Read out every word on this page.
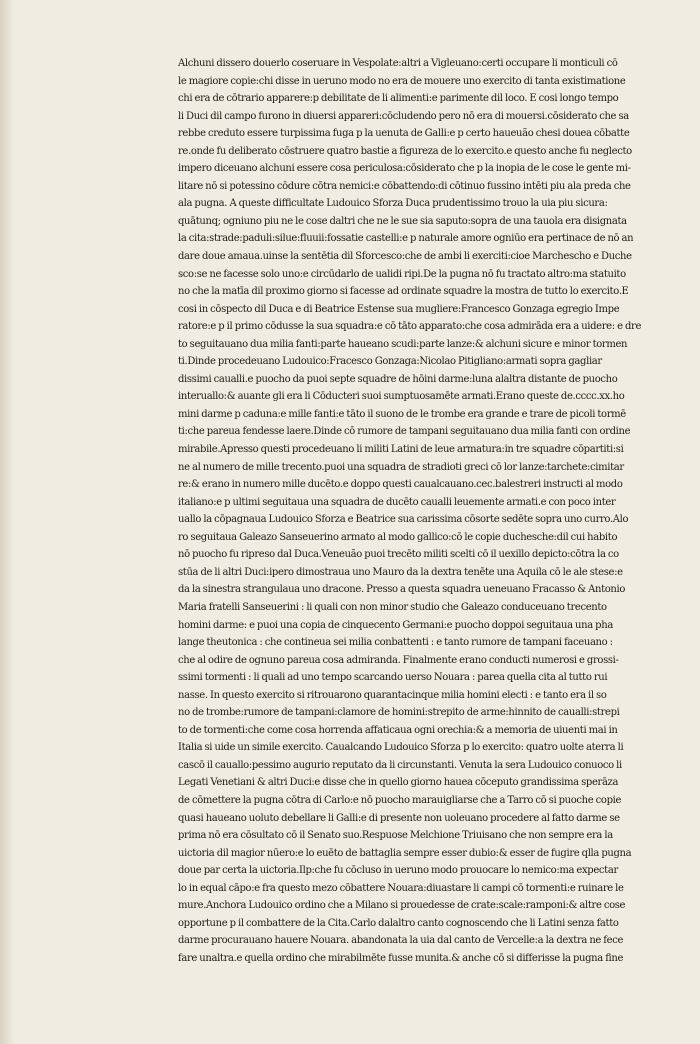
Alchuni dissero douerlo coseruare in Vespolate:altri a Vigleuano:certi occupare li monticuli cō
le magiore copie:chi disse in ueruno modo no era de mouere uno exercito di tanta existimatione
chi era de cōtrario apparere:p debilitate de li alimenti:e parimente dil loco. E cosi longo tempo
li Duci dil campo furono in diuersi appareri:cōcludendo pero nō era di mouersi.cōsiderato che sa
rebbe creduto essere turpissima fuga p la uenuta de Galli:e p certo haueuão chesi douea cōbatte
re.onde fu deliberato cōstruere quatro bastie a figureza de lo exercito.e questo anche fu neglecto
impero diceuano alchuni essere cosa periculosa:cōsiderato che p la inopia de le cose le gente mi-
litare nō si potessino cōdure cōtra nemici:e cōbattendo:di cōtinuo fussino intēti piu ala preda che
ala pugna. A queste difficultate Ludouico Sforza Duca prudentissimo trouo la uia piu sicura:
quātunq; ogniuno piu ne le cose daltri che ne le sue sia saputo:sopra de una tauola era disignata
la cita:strade:paduli:silue:fluuii:fossatie castelli:e p naturale amore ogniūo era pertinace de nō an
dare doue amaua.uinse la sentētia dil Sforcesco:che de ambi li exerciti:cioe Marchescho e Duche
sco:se ne facesse solo uno:e circūdarlo de ualidi ripi.De la pugna nō fu tractato altro:ma statuito
no che la matīa dil proximo giorno si facesse ad ordinate squadre la mostra de tutto lo exercito.E
cosi in cōspecto dil Duca e di Beatrice Estense sua mugliere:Francesco Gonzaga egregio Impe
ratore:e p il primo cōdusse la sua squadra:e cō tāto apparato:che cosa admirāda era a uidere: e dre
to seguitauano dua milia fanti:parte haueano scudi:parte lanze:& alchuni sicure e minor tormen
ti.Dinde procedeuano Ludouico:Fracesco Gonzaga:Nicolao Pitigliano:armati sopra gagliar
dissimi caualli.e puocho da puoi septe squadre de hōini darme:luna alaltra distante de puocho
interuallo:& auante gli era li Cōducteri suoi sumptuosamēte armati.Erano queste de.cccc.xx.ho
mini darme p caduna:e mille fanti:e tāto il suono de le trombe era grande e trare de picoli tormē
ti:che pareua fendesse laere.Dinde cō rumore de tampani seguitauano dua milia fanti con ordine
mirabile.Apresso questi procedeuano li militi Latini de leue armatura:in tre squadre cōpartiti:si
ne al numero de mille trecento.puoi una squadra de stradioti greci cō lor lanze:tarchete:cimitar
re:& erano in numero mille ducēto.e doppo questi caualcauano.cec.balestreri instructi al modo
italiano:e p ultimi seguitaua una squadra de ducēto caualli leuemente armati.e con poco inter
uallo la cōpagnaua Ludouico Sforza e Beatrice sua carissima cōsorte sedēte sopra uno curro.Alo
ro seguitaua Galeazo Sanseuerino armato al modo gallico:cō le copie duchesche:dil cui habito
nō puocho fu ripreso dal Duca.Veneuão puoi trecēto militi scelti cō il uexillo depicto:cōtra la co
stūa de li altri Duci:ipero dimostraua uno Mauro da la dextra tenēte una Aquila cō le ale stese:e
da la sinestra strangulaua uno dracone. Presso a questa squadra ueneuano Fracasso & Antonio
Maria fratelli Sanseuerini : li quali con non minor studio che Galeazo conduceuano trecento
homini darme: e puoi una copia de cinquecento Germani:e puocho doppoi seguitaua una pha
lange theutonica : che contineua sei milia conbattenti : e tanto rumore de tampani faceuano :
che al odire de ognuno pareua cosa admiranda. Finalmente erano conducti numerosi e grossi-
ssimi tormenti : li quali ad uno tempo scarcando uerso Nouara : parea quella cita al tutto rui
nasse. In questo exercito si ritrouarono quarantacinque milia homini electi : e tanto era il so
no de trombe:rumore de tampani:clamore de homini:strepito de arme:hinnito de caualli:strepi
to de tormenti:che come cosa horrenda affaticaua ogni orechia:& a memoria de uiuenti mai in
Italia si uide un simile exercito. Caualcando Ludouico Sforza p lo exercito: quatro uolte aterra li
cascō il cauallo:pessimo augurio reputato da li circunstanti. Venuta la sera Ludouico conuoco li
Legati Venetiani & altri Duci:e disse che in quello giorno hauea cōceputo grandissima sperāza
de cōmettere la pugna cōtra di Carlo:e nō puocho marauigliarse che a Tarro cō si puoche copie
quasi haueano uoluto debellare li Galli:e di presente non uoleuano procedere al fatto darme se
prima nō era cōsultato cō il Senato suo.Respuose Melchione Triuisano che non sempre era la
uictoria dil magior nūero:e lo euēto de battaglia sempre esser dubio:& esser de fugire qlla pugna
doue par certa la uictoria.Ilp:che fu cōcluso in ueruno modo prouocare lo nemico:ma expectar
lo in equal cāpo:e fra questo mezo cōbattere Nouara:diuastare li campi cō tormenti:e ruinare le
mure.Anchora Ludouico ordino che a Milano si prouedesse de crate:scale:ramponi:& altre cose
opportune p il combattere de la Cita.Carlo dalaltro canto cognoscendo che li Latini senza fatto
darme procurauano hauere Nouara. abandonata la uia dal canto de Vercelle:a la dextra ne fece
fare unaltra.e quella ordino che mirabilmēte fusse munita.& anche cō si differisse la pugna fine
